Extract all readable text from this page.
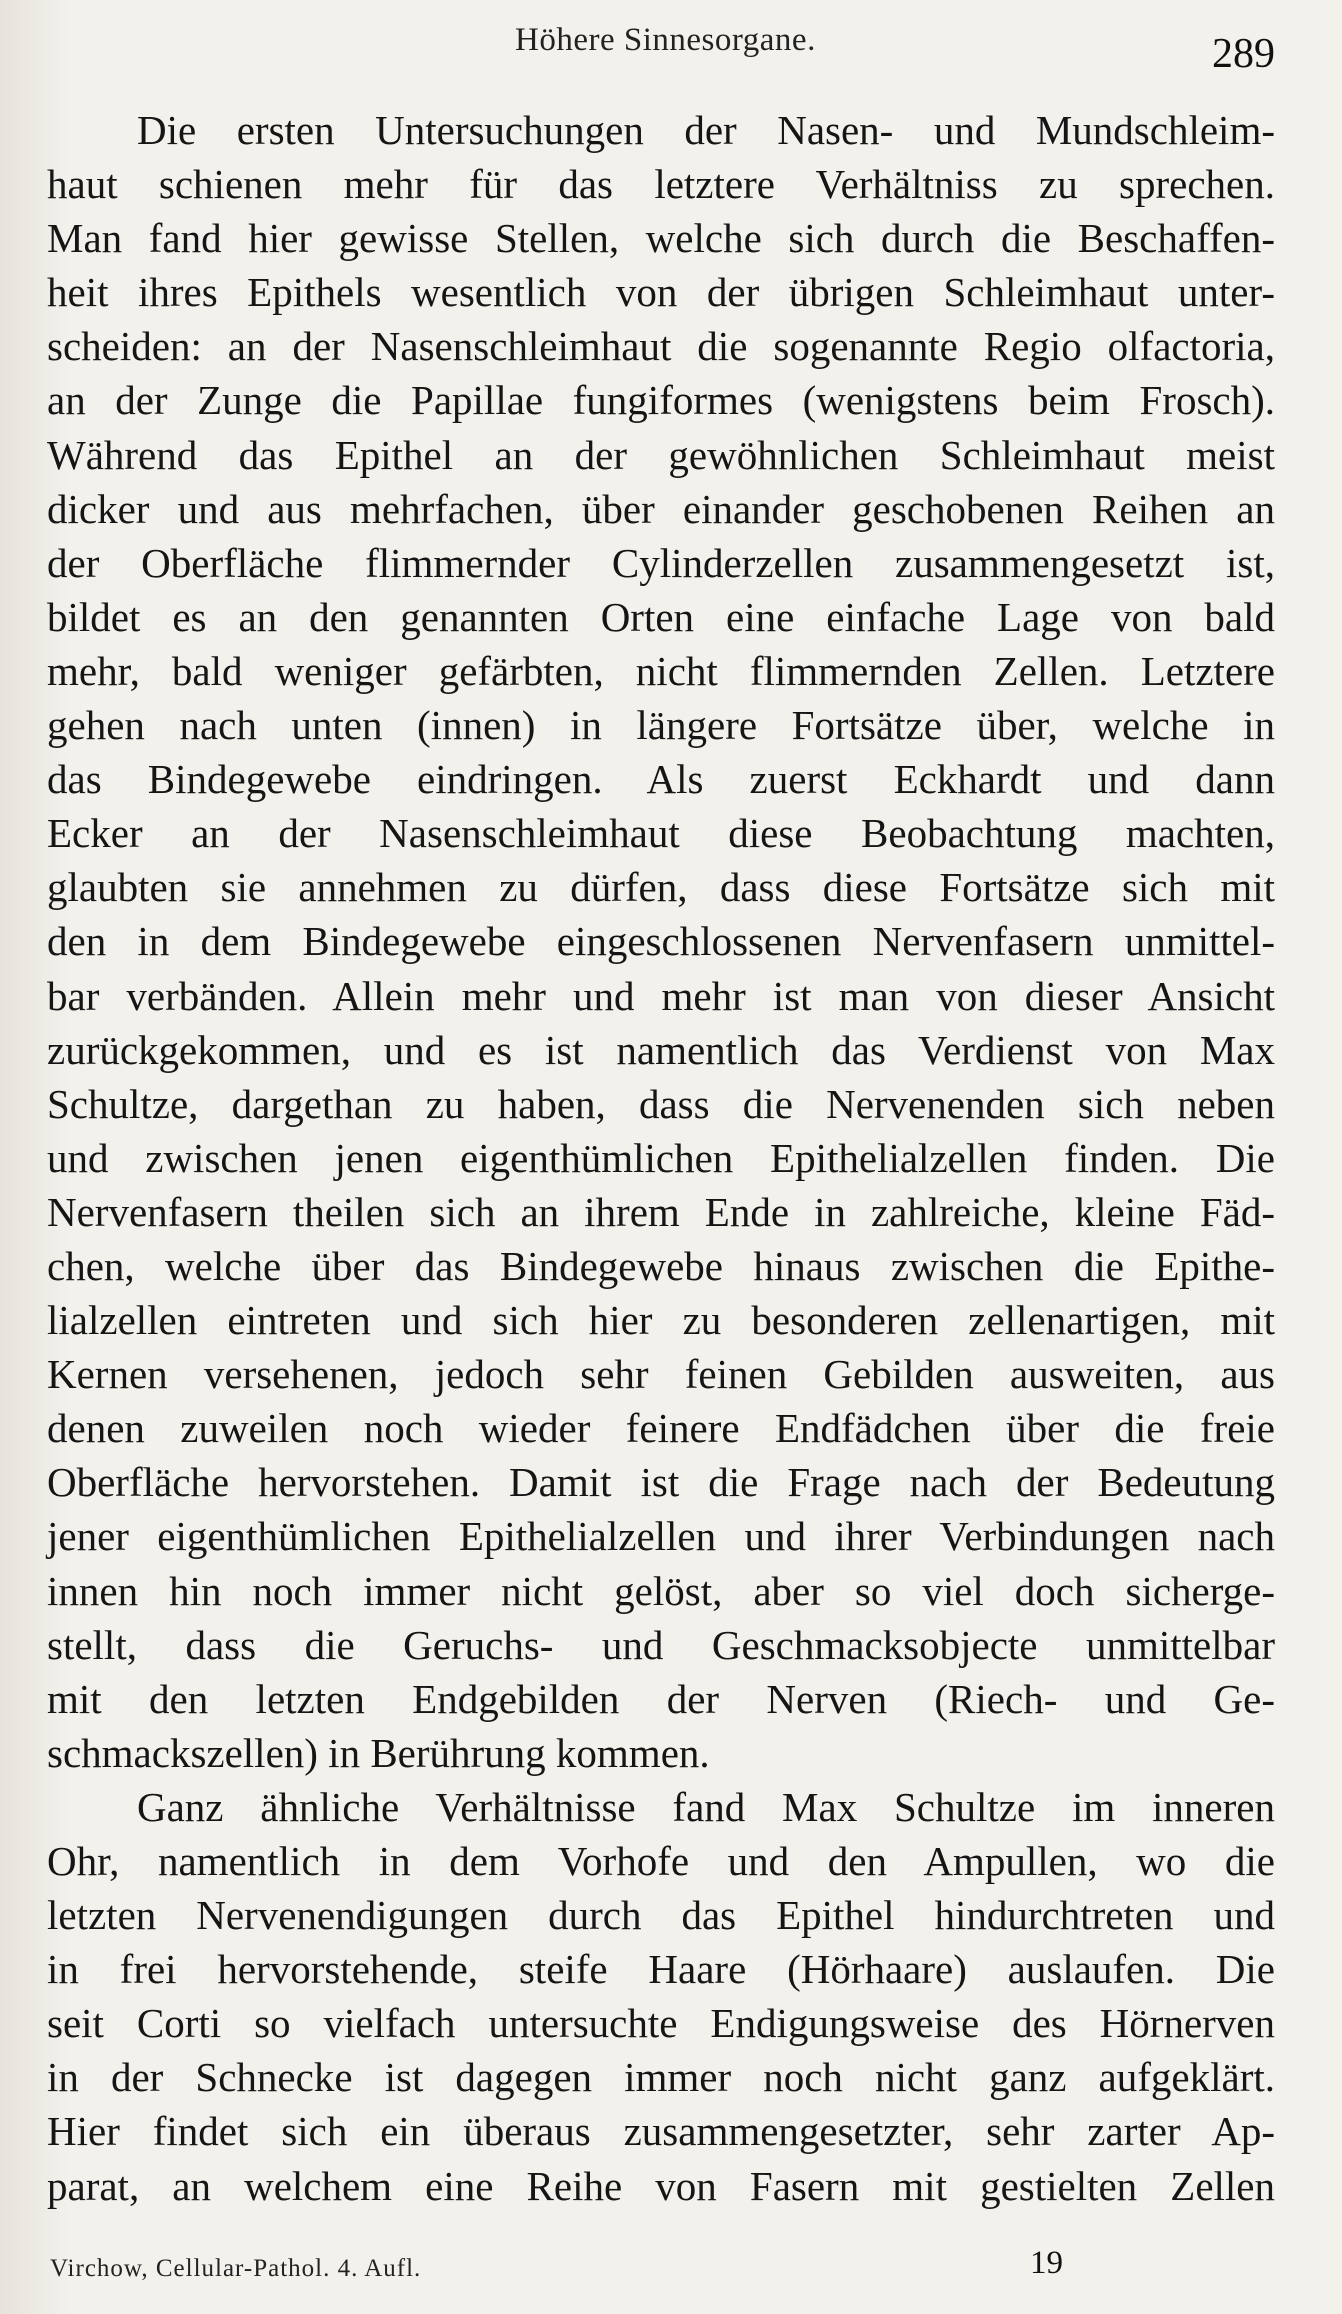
Höhere Sinnesorgane.	289

Die ersten Untersuchungen der Nasen- und Mundschleim-
haut schienen mehr für das letztere Verhältniss zu sprechen.
Man fand hier gewisse Stellen, welche sich durch die Beschaffen-
heit ihres Epithels wesentlich von der übrigen Schleimhaut unter-
scheiden: an der Nasenschleimhaut die sogenannte Regio olfactoria,
an der Zunge die Papillae fungiformes (wenigstens beim Frosch).
Während das Epithel an der gewöhnlichen Schleimhaut meist
dicker und aus mehrfachen, über einander geschobenen Reihen an
der Oberfläche flimmernder Cylinderzellen zusammengesetzt ist,
bildet es an den genannten Orten eine einfache Lage von bald
mehr, bald weniger gefärbten, nicht flimmernden Zellen. Letztere
gehen nach unten (innen) in längere Fortsätze über, welche in
das Bindegewebe eindringen. Als zuerst Eckhardt und dann
Ecker an der Nasenschleimhaut diese Beobachtung machten,
glaubten sie annehmen zu dürfen, dass diese Fortsätze sich mit
den in dem Bindegewebe eingeschlossenen Nervenfasern unmittel-
bar verbänden. Allein mehr und mehr ist man von dieser Ansicht
zurückgekommen, und es ist namentlich das Verdienst von Max
Schultze, dargethan zu haben, dass die Nervenenden sich neben
und zwischen jenen eigenthümlichen Epithelialzellen finden. Die
Nervenfasern theilen sich an ihrem Ende in zahlreiche, kleine Fäd-
chen, welche über das Bindegewebe hinaus zwischen die Epithe-
lialzellen eintreten und sich hier zu besonderen zellenartigen, mit
Kernen versehenen, jedoch sehr feinen Gebilden ausweiten, aus
denen zuweilen noch wieder feinere Endfädchen über die freie
Oberfläche hervorstehen. Damit ist die Frage nach der Bedeutung
jener eigenthümlichen Epithelialzellen und ihrer Verbindungen nach
innen hin noch immer nicht gelöst, aber so viel doch sicherge-
stellt, dass die Geruchs- und Geschmacksobjecte unmittelbar
mit den letzten Endgebilden der Nerven (Riech- und Ge-
schmackszellen) in Berührung kommen.

Ganz ähnliche Verhältnisse fand Max Schultze im inneren
Ohr, namentlich in dem Vorhofe und den Ampullen, wo die
letzten Nervenendigungen durch das Epithel hindurchtreten und
in frei hervorstehende, steife Haare (Hörhaare) auslaufen. Die
seit Corti so vielfach untersuchte Endigungsweise des Hörnerven
in der Schnecke ist dagegen immer noch nicht ganz aufgeklärt.
Hier findet sich ein überaus zusammengesetzter, sehr zarter Ap-
parat, an welchem eine Reihe von Fasern mit gestielten Zellen

Virchow, Cellular-Pathol. 4. Aufl.	19
